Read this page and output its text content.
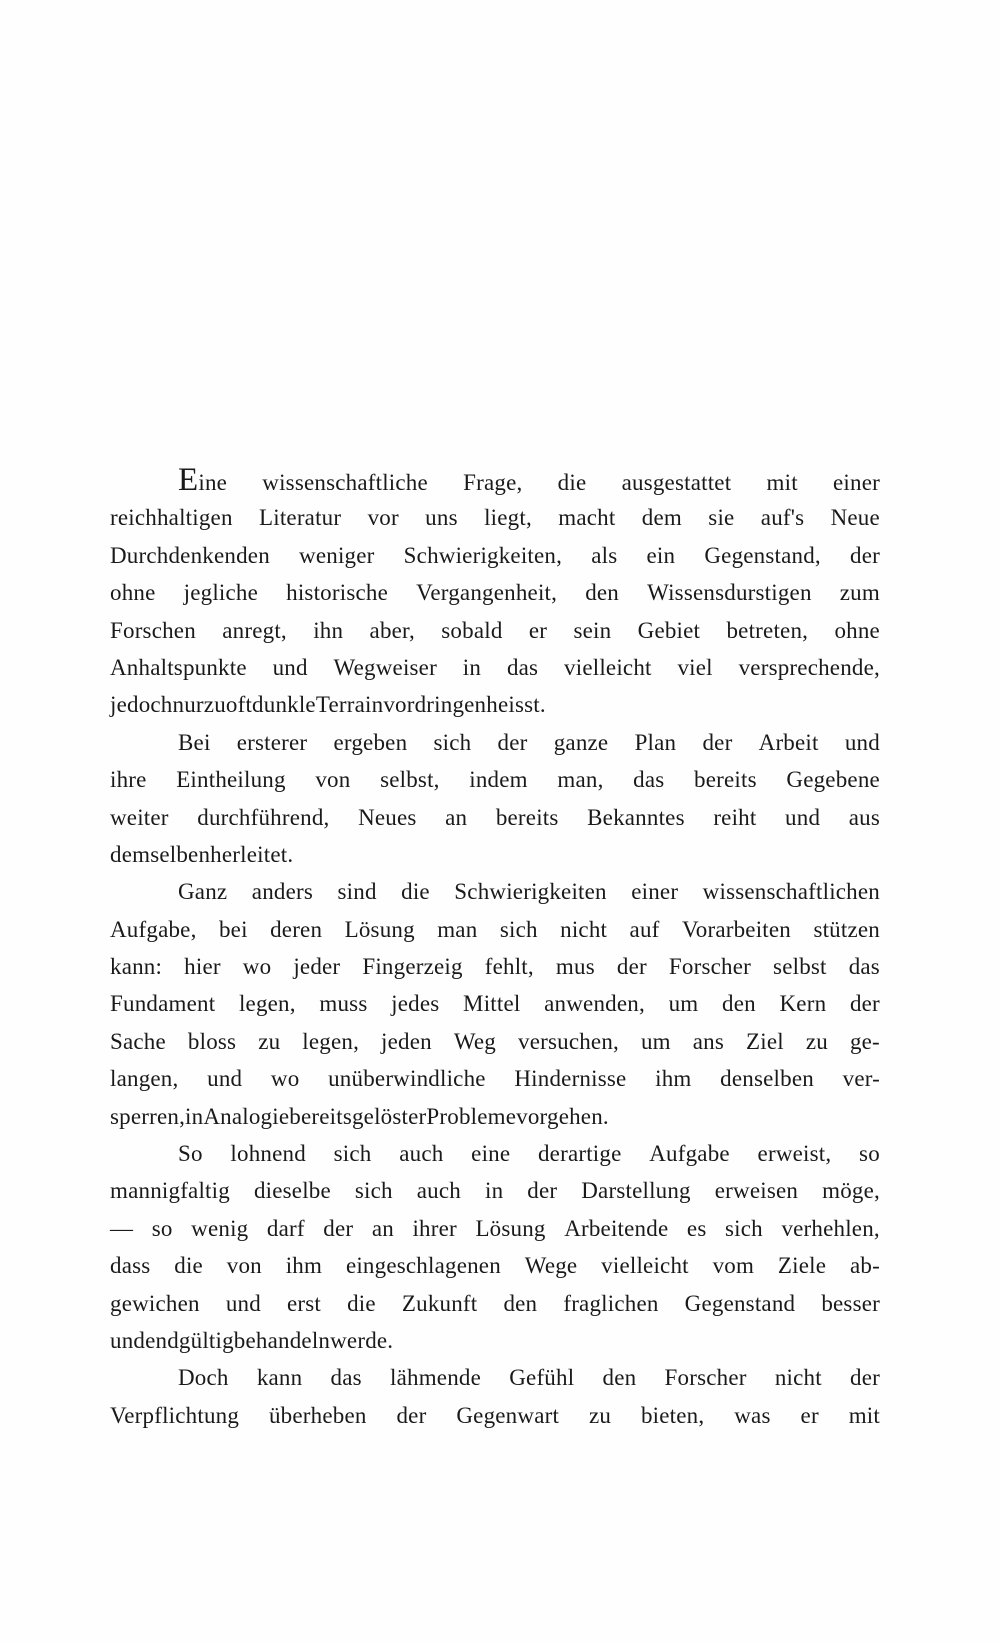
Eine wissenschaftliche Frage, die ausgestattet mit einer
reichhaltigen Literatur vor uns liegt, macht dem sie auf's Neue
Durchdenkenden weniger Schwierigkeiten, als ein Gegenstand, der
ohne jegliche historische Vergangenheit, den Wissensdurstigen zum
Forschen anregt, ihn aber, sobald er sein Gebiet betreten, ohne
Anhaltspunkte und Wegweiser in das vielleicht viel versprechende,
jedoch nur zu oft dunkle Terrain vordringen heisst.
Bei ersterer ergeben sich der ganze Plan der Arbeit und
ihre Eintheilung von selbst, indem man, das bereits Gegebene
weiter durchführend, Neues an bereits Bekanntes reiht und aus
demselben herleitet.
Ganz anders sind die Schwierigkeiten einer wissenschaftlichen
Aufgabe, bei deren Lösung man sich nicht auf Vorarbeiten stützen
kann: hier wo jeder Fingerzeig fehlt, mus der Forscher selbst das
Fundament legen, muss jedes Mittel anwenden, um den Kern der
Sache bloss zu legen, jeden Weg versuchen, um ans Ziel zu ge-
langen, und wo unüberwindliche Hindernisse ihm denselben ver-
sperren, in Analogie bereits gelöster Probleme vorgehen.
So lohnend sich auch eine derartige Aufgabe erweist, so
mannigfaltig dieselbe sich auch in der Darstellung erweisen möge,
— so wenig darf der an ihrer Lösung Arbeitende es sich verhehlen,
dass die von ihm eingeschlagenen Wege vielleicht vom Ziele ab-
gewichen und erst die Zukunft den fraglichen Gegenstand besser
und endgültig behandeln werde.
Doch kann das lähmende Gefühl den Forscher nicht der
Verpflichtung überheben der Gegenwart zu bieten, was er mit
